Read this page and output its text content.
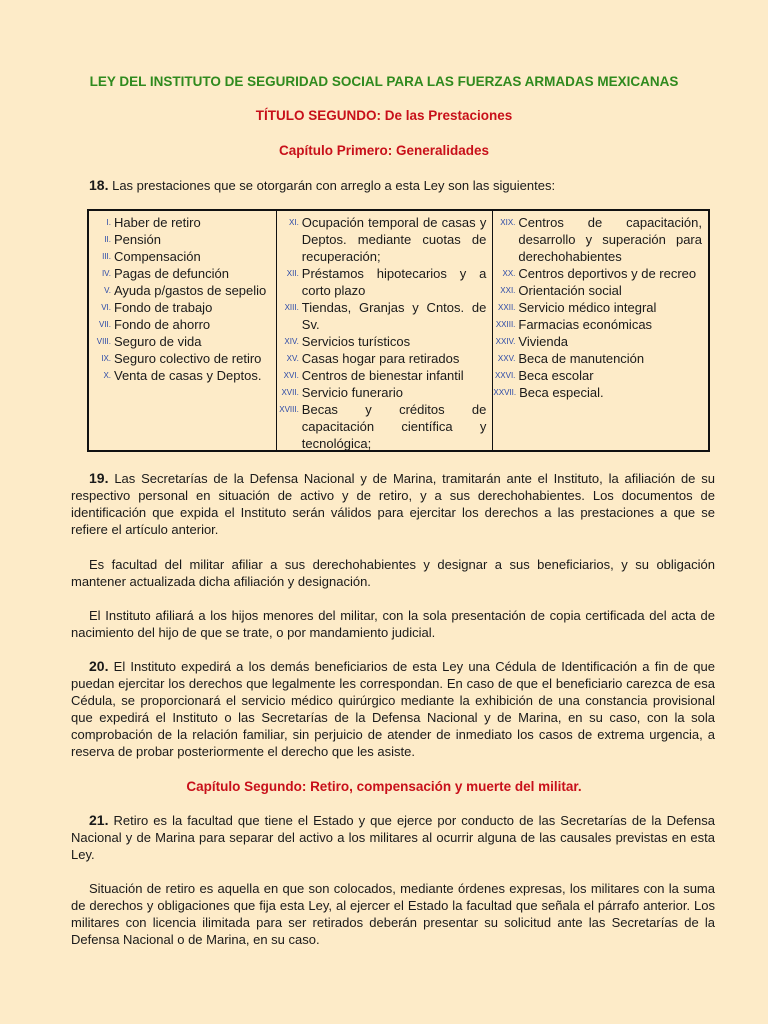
LEY DEL INSTITUTO DE SEGURIDAD SOCIAL PARA LAS FUERZAS ARMADAS MEXICANAS
TÍTULO SEGUNDO: De las Prestaciones
Capítulo Primero: Generalidades
18. Las prestaciones que se otorgarán con arreglo a esta Ley son las siguientes:
I. Haber de retiro
II. Pensión
III. Compensación
IV. Pagas de defunción
V. Ayuda p/gastos de sepelio
VI. Fondo de trabajo
VII. Fondo de ahorro
VIII. Seguro de vida
IX. Seguro colectivo de retiro
X. Venta de casas y Deptos.
XI. Ocupación temporal de casas y Deptos. mediante cuotas de recuperación;
XII. Préstamos hipotecarios y a corto plazo
XIII. Tiendas, Granjas y Cntos. de Sv.
XIV. Servicios turísticos
XV. Casas hogar para retirados
XVI. Centros de bienestar infantil
XVII. Servicio funerario
XVIII. Becas y créditos de capacitación científica y tecnológica;
XIX. Centros de capacitación, desarrollo y superación para derechohabientes
XX. Centros deportivos y de recreo
XXI. Orientación social
XXII. Servicio médico integral
XXIII. Farmacias económicas
XXIV. Vivienda
XXV. Beca de manutención
XXVI. Beca escolar
XXVII. Beca especial.
19. Las Secretarías de la Defensa Nacional y de Marina, tramitarán ante el Instituto, la afiliación de su respectivo personal en situación de activo y de retiro, y a sus derechohabientes. Los documentos de identificación que expida el Instituto serán válidos para ejercitar los derechos a las prestaciones a que se refiere el artículo anterior.
Es facultad del militar afiliar a sus derechohabientes y designar a sus beneficiarios, y su obligación mantener actualizada dicha afiliación y designación.
El Instituto afiliará a los hijos menores del militar, con la sola presentación de copia certificada del acta de nacimiento del hijo de que se trate, o por mandamiento judicial.
20. El Instituto expedirá a los demás beneficiarios de esta Ley una Cédula de Identificación a fin de que puedan ejercitar los derechos que legalmente les correspondan. En caso de que el beneficiario carezca de esa Cédula, se proporcionará el servicio médico quirúrgico mediante la exhibición de una constancia provisional que expedirá el Instituto o las Secretarías de la Defensa Nacional y de Marina, en su caso, con la sola comprobación de la relación familiar, sin perjuicio de atender de inmediato los casos de extrema urgencia, a reserva de probar posteriormente el derecho que les asiste.
Capítulo Segundo: Retiro, compensación y muerte del militar.
21. Retiro es la facultad que tiene el Estado y que ejerce por conducto de las Secretarías de la Defensa Nacional y de Marina para separar del activo a los militares al ocurrir alguna de las causales previstas en esta Ley.
Situación de retiro es aquella en que son colocados, mediante órdenes expresas, los militares con la suma de derechos y obligaciones que fija esta Ley, al ejercer el Estado la facultad que señala el párrafo anterior. Los militares con licencia ilimitada para ser retirados deberán presentar su solicitud ante las Secretarías de la Defensa Nacional o de Marina, en su caso.
